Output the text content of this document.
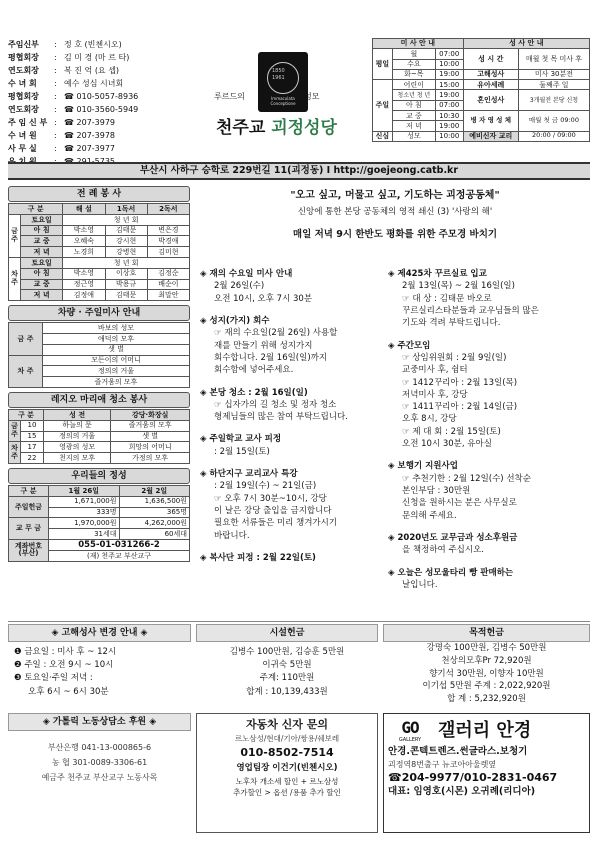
주임신부	: 정 호 (빈첸시오)
평협회장	: 김 미 경 (마 르 타)
연도회장	: 복 진 억 (요 셉)
수 녀 회	: 예수 성심 시녀회
평협회장	: ☎ 010-5057-8936
연도회장	: ☎ 010-3560-5949
주 임 신 부 : ☎ 207-3979
수 녀 원	: ☎ 207-3978
사 무 실	: ☎ 207-3977
1850
1961
Immaculata Conceptione
루르드의	성모
천주교 괴정성당
미 사 안 내			성 사 안 내	
평일	월	07:00	성 시 간	매월 첫 목 미사 후
	수요	10:00		
	화~목	19:00	고해성사	미사 30분전
주일	어린이	15:00	유아세례	둘째주 일
	청소년 청 년	19:00	혼인성사	3개월전 본당 신청
	아 침	07:00		
	교 중	10:30	병 자 영 성 체	매월 첫 금 09:00
	저 녁	19:00		
신심	성모	10:00	예비신자 교리	20:00 / 09:00
부산시 사하구 승학로 229번길 11(괴정동) I http://goejeong.catb.kr
전 례 봉 사
구 분		해 설	1독서	2독서
금 주	토요일	청 년 회		
	아 침	박소영	김태문	변은경
	교 중	오혜숙	강시현	박경애
	저 녁	노경희	강병현	김미현
차 주	토요일	청 년 회		
	아 침	박소영	이상호	김정순
	교 중	정근영	박용규	배순이
	저 녁	김정애	김태문	최말안
차량 · 주일미사 안내
금 주	바보의 성모
	애덕의 모후
	샛 별
차 주	모든이의 어머니
	정의의 거울
	즐거움의 모후
레지오 마리애 청소 봉사
구 분		성 전	강당·화장실
금 주	10	하늘의 문	즐거움의 모후
	15	정의의 거울	샛 별
차 주	17	영광의 성모	희망의 어머니
	22	천지의 모후	가정의 모후
우리들의 정성
구 분	1월 26일	2월 2일
주일헌금	1,671,000원	1,636,500원
	333명	365명
교 무 금	1,970,000원	4,262,000원
	31세대	60세대
계좌번호 (부산)	055-01-031266-2	
	(재) 천주교 부산교구	
"오고 싶고, 머물고 싶고, 기도하는 괴정공동체"
신앙에 통한 본당 공동체의 영적 쇄신 (3) '사랑의 해'
매일 저녁 9시 한반도 평화를 위한 주모경 바치기
◈ 재의 수요일 미사 안내
2월 26일(수)
오전 10시, 오후 7시 30분
◈ 성지(가지) 회수
☞ 재의 수요일(2월 26일) 사용할
재를 만들기 위해 성지가지
회수합니다. 2월 16일(일)까지
회수함에 넣어주세요.
◈ 본당 청소 : 2월 16일(일)
☞ 십자가의 길 청소 및 정자 청소
형제님들의 많은 참여 부탁드립니다.
◈ 주일학교 교사 피정
: 2월 15일(토)
◈ 하단지구 교리교사 특강
: 2월 19일(수) ~ 21일(금)
☞ 오후 7시 30분~10시, 강당
이 날은 강당 출입을 금지합니다
필요한 서류들은 미리 챙겨가시기
바랍니다.
◈ 복사단 피정 : 2월 22일(토)
◈ 제425차 꾸르실료 입교
2월 13일(목) ~ 2월 16일(일)
☞ 대 상 : 김태문 바오로
꾸르실리스타분들과 교우님들의 많은
기도와 격려 부탁드립니다.
◈ 주간모임
☞ 상임위원회 : 2월 9일(일)
교중미사 후, 쉼터
☞ 1412꾸리아 : 2월 13일(목)
저녁미사 후, 강당
☞ 1411꾸리아 : 2월 14일(금)
오후 8시, 강당
☞ 제 대 회 : 2월 15일(토)
오전 10시 30분, 유아실
◈ 보행기 지원사업
☞ 추천기한 : 2월 12일(수) 선착순
본인부담 : 30만원
신청을 원하시는 분은 사무실로
문의해 주세요.
◈ 2020년도 교무금과 성소후원금
을 책정하여 주십시오.
◈ 오늘은 성모울타리 빵 판매하는
날입니다.
◈ 고해성사 변경 안내 ◈
❶ 금요일 : 미사 후 ~ 12시
❷ 주일 : 오전 9시 ~ 10시
❸ 토요일·주일 저녁 :
오후 6시 ~ 6시 30분
시설헌금
김병수 100만원, 김승훈 5만원
이귀숙 5만원
주계: 110만원
합계 : 10,139,433원
목적헌금
강명숙 100만원, 김병수 50만원
천상의모후Pr 72,920원
향기석 30만원, 이향자 10만원
이기섭 5만원 주계 : 2,022,920원
합 계 : 5,232,920원
◈ 가톨릭 노동상담소 후원 ◈
부산은행 041-13-000865-6
농 협 301-0089-3306-61
예금주 천주교 부산교구 노동사목
자동차 신자 문의
르노삼성/현대/기아/쌍용/쉐보레
010-8502-7514
영업팀장 이건기(빈첸시오)
노후차 개소세 할인 + 르노삼성
추가할인 > 옵션 /용품 추가 할인
GO
GALLERY 갤러리 안경
안경.콘텍트렌즈.썬글라스.보청기
괴정역8번출구 뉴코아아울렛옆
☎204-9977/010-2831-0467
대표: 임영호(시몬) 오귀례(리디아)
